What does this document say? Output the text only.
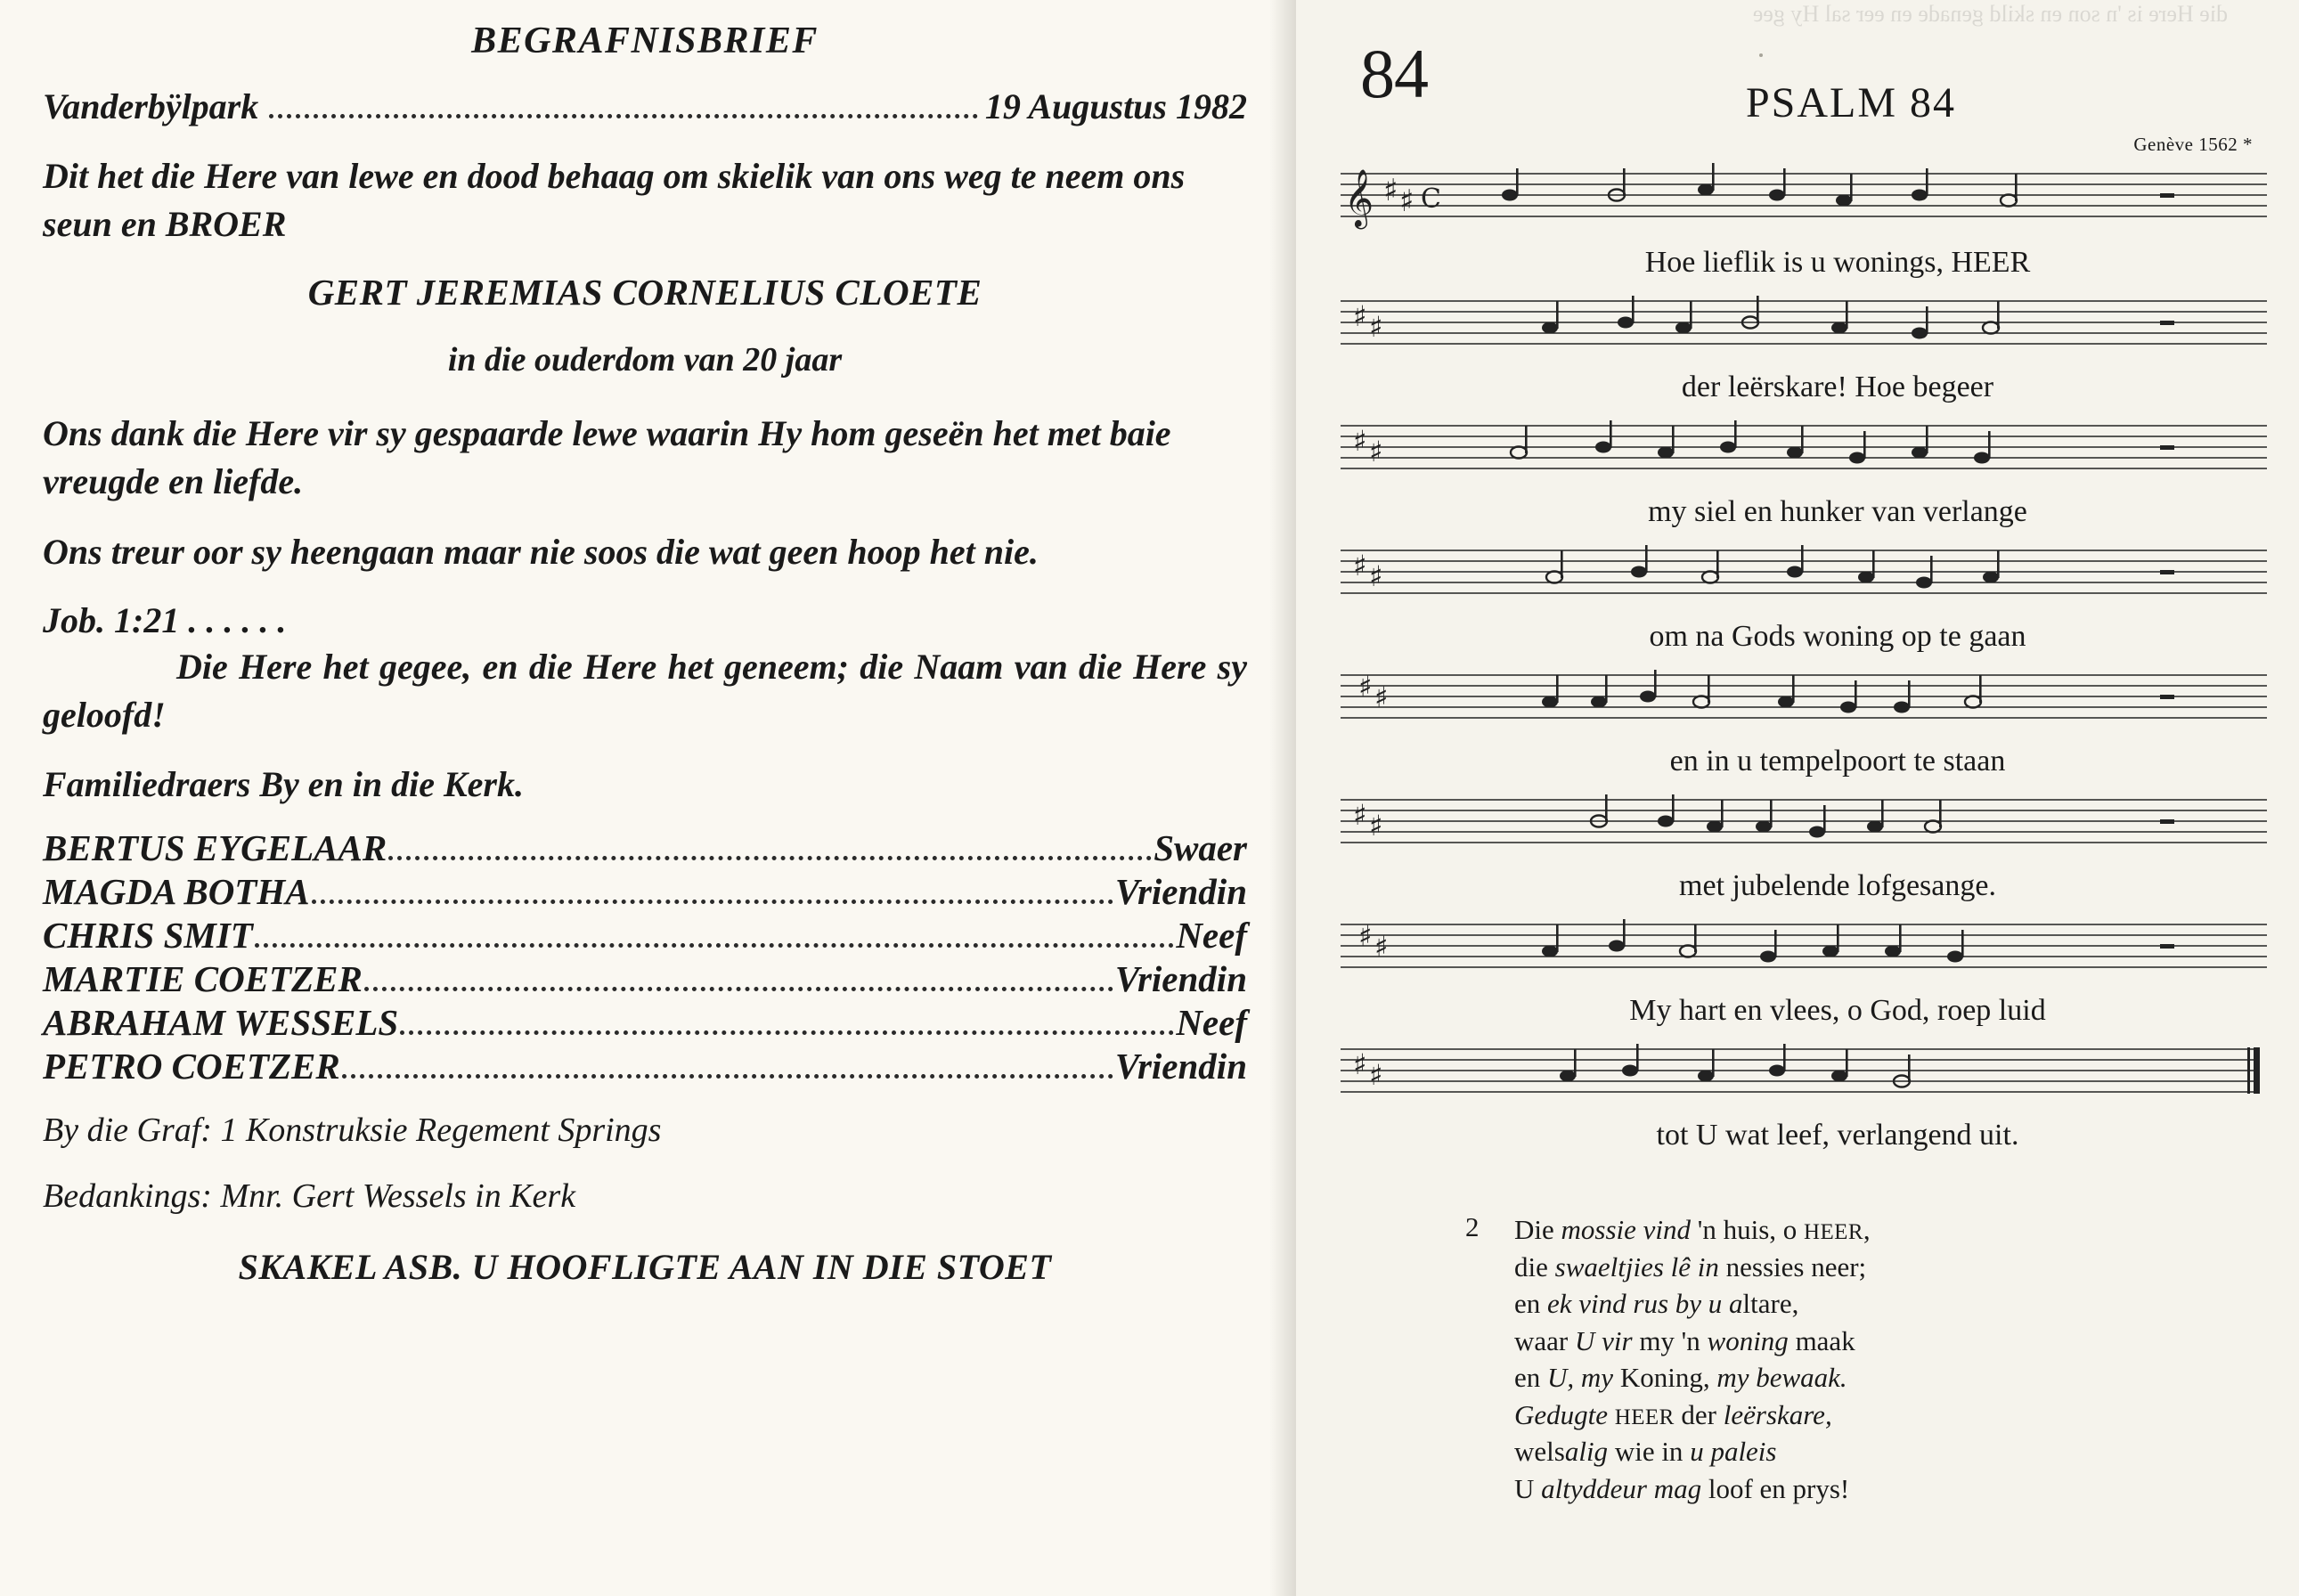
BEGRAFNISBRIEF
Vanderbÿlpark	19 Augustus 1982

Dit het die Here van lewe en dood behaag om skielik van ons weg te neem ons seun en BROER

GERT JEREMIAS CORNELIUS CLOETE
in die ouderdom van 20 jaar

Ons dank die Here vir sy gespaarde lewe waarin Hy hom geseën het met baie vreugde en liefde.

Ons treur oor sy heengaan maar nie soos die wat geen hoop het nie.

Job. 1:21 . . . . . .

Die Here het gegee, en die Here het geneem; die Naam van die Here sy geloofd!

Familiedraers By en in die Kerk.
BERTUS EYGELAAR	Swaer
MAGDA BOTHA	Vriendin
CHRIS SMIT	Neef
MARTIE COETZER	Vriendin
ABRAHAM WESSELS	Neef
PETRO COETZER	Vriendin
By die Graf: 1 Konstruksie Regement Springs
Bedankings: Mnr. Gert Wessels in Kerk
SKAKEL ASB. U HOOFLIGTE AAN IN DIE STOET
die Here is 'n son en skild genade en eer sal Hy gee
84	PSALM 84
Genève 1562 *
𝄞 ♯ ♯ C
Hoe lieflik is u wonings, HEER
♯ ♯
der leërskare! Hoe begeer
♯ ♯
my siel en hunker van verlange
♯ ♯
om na Gods woning op te gaan
♯ ♯
en in u tempelpoort te staan
♯ ♯
met jubelende lofgesange.
♯ ♯
My hart en vlees, o God, roep luid
♯ ♯
tot U wat leef, verlangend uit.
2 Die mossie vind 'n huis, o HEER,
die swaeltjies lê in nessies neer;
en ek vind rus by u altare,
waar U vir my 'n woning maak
en U, my Koning, my bewaak.
Gedugte HEER der leërskare,
welsalig wie in u paleis
U altyddeur mag loof en prys!
